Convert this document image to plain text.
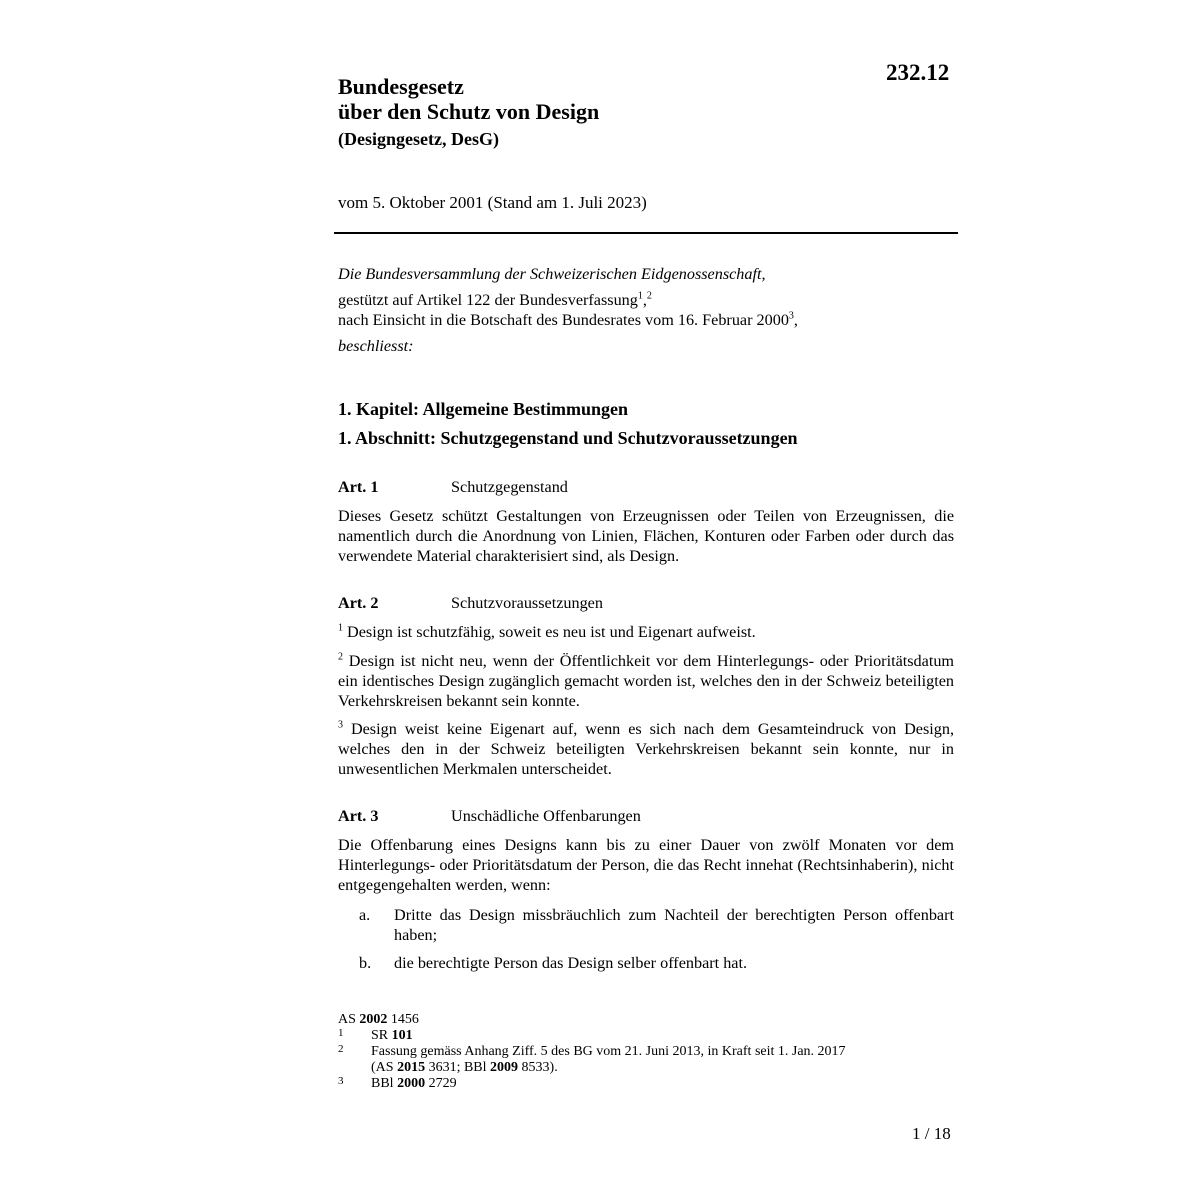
232.12
Bundesgesetz
über den Schutz von Design
(Designgesetz, DesG)
vom 5. Oktober 2001 (Stand am 1. Juli 2023)
Die Bundesversammlung der Schweizerischen Eidgenossenschaft,
gestützt auf Artikel 122 der Bundesverfassung$^1$,$^2$
nach Einsicht in die Botschaft des Bundesrates vom 16. Februar 2000$^3$,
beschliesst:
1. Kapitel: Allgemeine Bestimmungen
1. Abschnitt: Schutzgegenstand und Schutzvoraussetzungen
Art. 1	Schutzgegenstand
Dieses Gesetz schützt Gestaltungen von Erzeugnissen oder Teilen von Erzeugnissen, die namentlich durch die Anordnung von Linien, Flächen, Konturen oder Farben oder durch das verwendete Material charakterisiert sind, als Design.
Art. 2	Schutzvoraussetzungen
$^1$ Design ist schutzfähig, soweit es neu ist und Eigenart aufweist.
$^2$ Design ist nicht neu, wenn der Öffentlichkeit vor dem Hinterlegungs- oder Prioritätsdatum ein identisches Design zugänglich gemacht worden ist, welches den in der Schweiz beteiligten Verkehrskreisen bekannt sein konnte.
$^3$ Design weist keine Eigenart auf, wenn es sich nach dem Gesamteindruck von Design, welches den in der Schweiz beteiligten Verkehrskreisen bekannt sein konnte, nur in unwesentlichen Merkmalen unterscheidet.
Art. 3	Unschädliche Offenbarungen
Die Offenbarung eines Designs kann bis zu einer Dauer von zwölf Monaten vor dem Hinterlegungs- oder Prioritätsdatum der Person, die das Recht innehat (Rechtsinhaberin), nicht entgegengehalten werden, wenn:
a. Dritte das Design missbräuchlich zum Nachteil der berechtigten Person offenbart haben;
b. die berechtigte Person das Design selber offenbart hat.
AS 2002 1456
1 SR 101
2 Fassung gemäss Anhang Ziff. 5 des BG vom 21. Juni 2013, in Kraft seit 1. Jan. 2017
(AS 2015 3631; BBl 2009 8533).
3 BBl 2000 2729
1 / 18
